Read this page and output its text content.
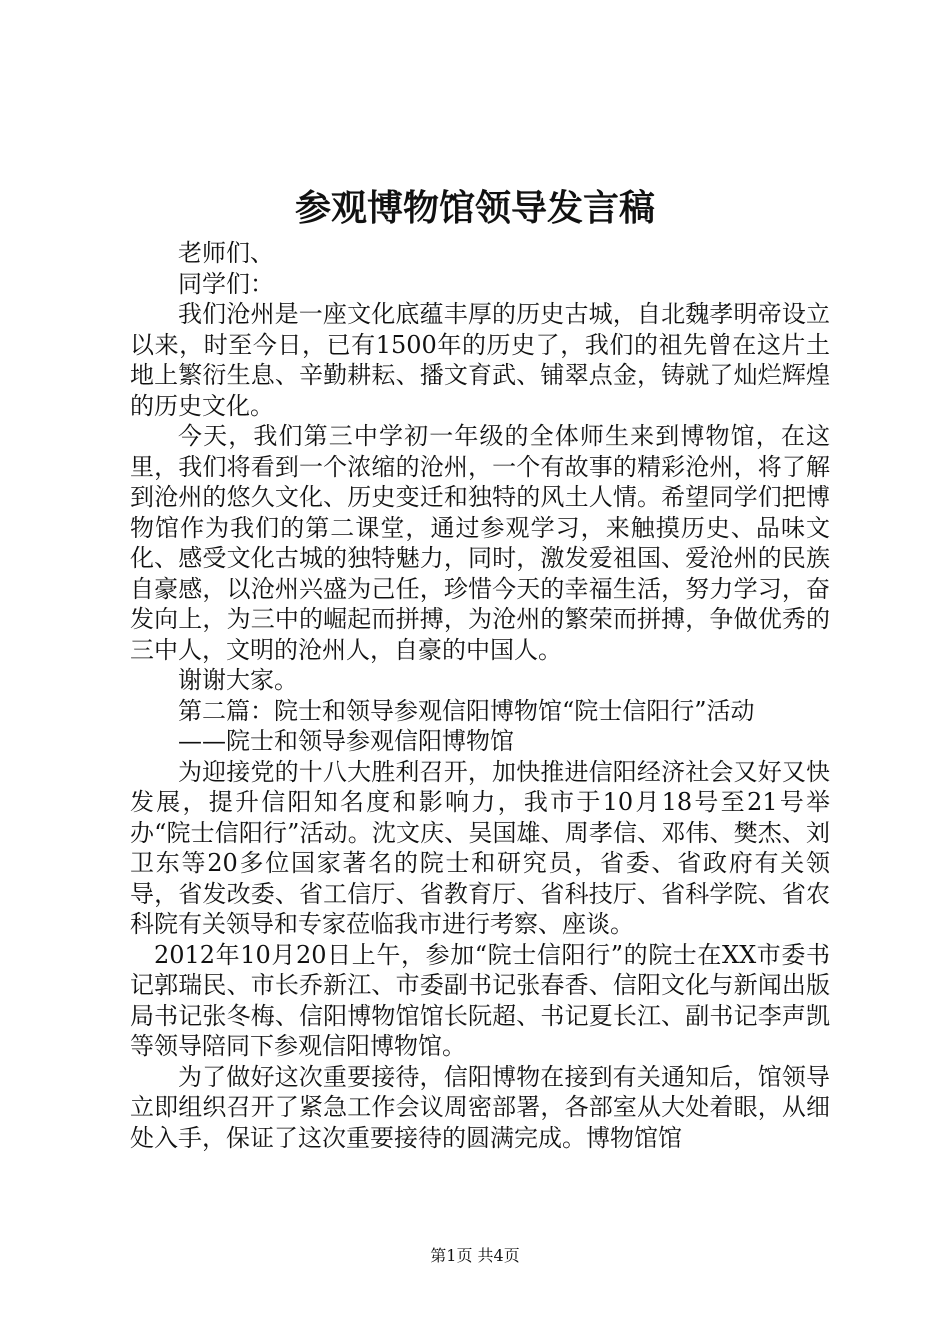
参观博物馆领导发言稿

老师们、

同学们：

我们沧州是一座文化底蕴丰厚的历史古城，自北魏孝明帝设立以来，时至今日，已有1500年的历史了，我们的祖先曾在这片土地上繁衍生息、辛勤耕耘、播文育武、铺翠点金，铸就了灿烂辉煌的历史文化。

今天，我们第三中学初一年级的全体师生来到博物馆，在这里，我们将看到一个浓缩的沧州，一个有故事的精彩沧州，将了解到沧州的悠久文化、历史变迁和独特的风土人情。希望同学们把博物馆作为我们的第二课堂，通过参观学习，来触摸历史、品味文化、感受文化古城的独特魅力，同时，激发爱祖国、爱沧州的民族自豪感，以沧州兴盛为己任，珍惜今天的幸福生活，努力学习，奋发向上，为三中的崛起而拼搏，为沧州的繁荣而拼搏，争做优秀的三中人，文明的沧州人，自豪的中国人。

谢谢大家。

第二篇：院士和领导参观信阳博物馆“院士信阳行”活动

——院士和领导参观信阳博物馆

为迎接党的十八大胜利召开，加快推进信阳经济社会又好又快发展，提升信阳知名度和影响力，我市于10月18号至21号举办“院士信阳行”活动。沈文庆、吴国雄、周孝信、邓伟、樊杰、刘卫东等20多位国家著名的院士和研究员，省委、省政府有关领导，省发改委、省工信厅、省教育厅、省科技厅、省科学院、省农科院有关领导和专家莅临我市进行考察、座谈。

2012年10月20日上午，参加“院士信阳行”的院士在XX市委书记郭瑞民、市长乔新江、市委副书记张春香、信阳文化与新闻出版局书记张冬梅、信阳博物馆馆长阮超、书记夏长江、副书记李声凯等领导陪同下参观信阳博物馆。

为了做好这次重要接待，信阳博物在接到有关通知后，馆领导立即组织召开了紧急工作会议周密部署，各部室从大处着眼，从细处入手，保证了这次重要接待的圆满完成。博物馆馆

第1页 共4页
